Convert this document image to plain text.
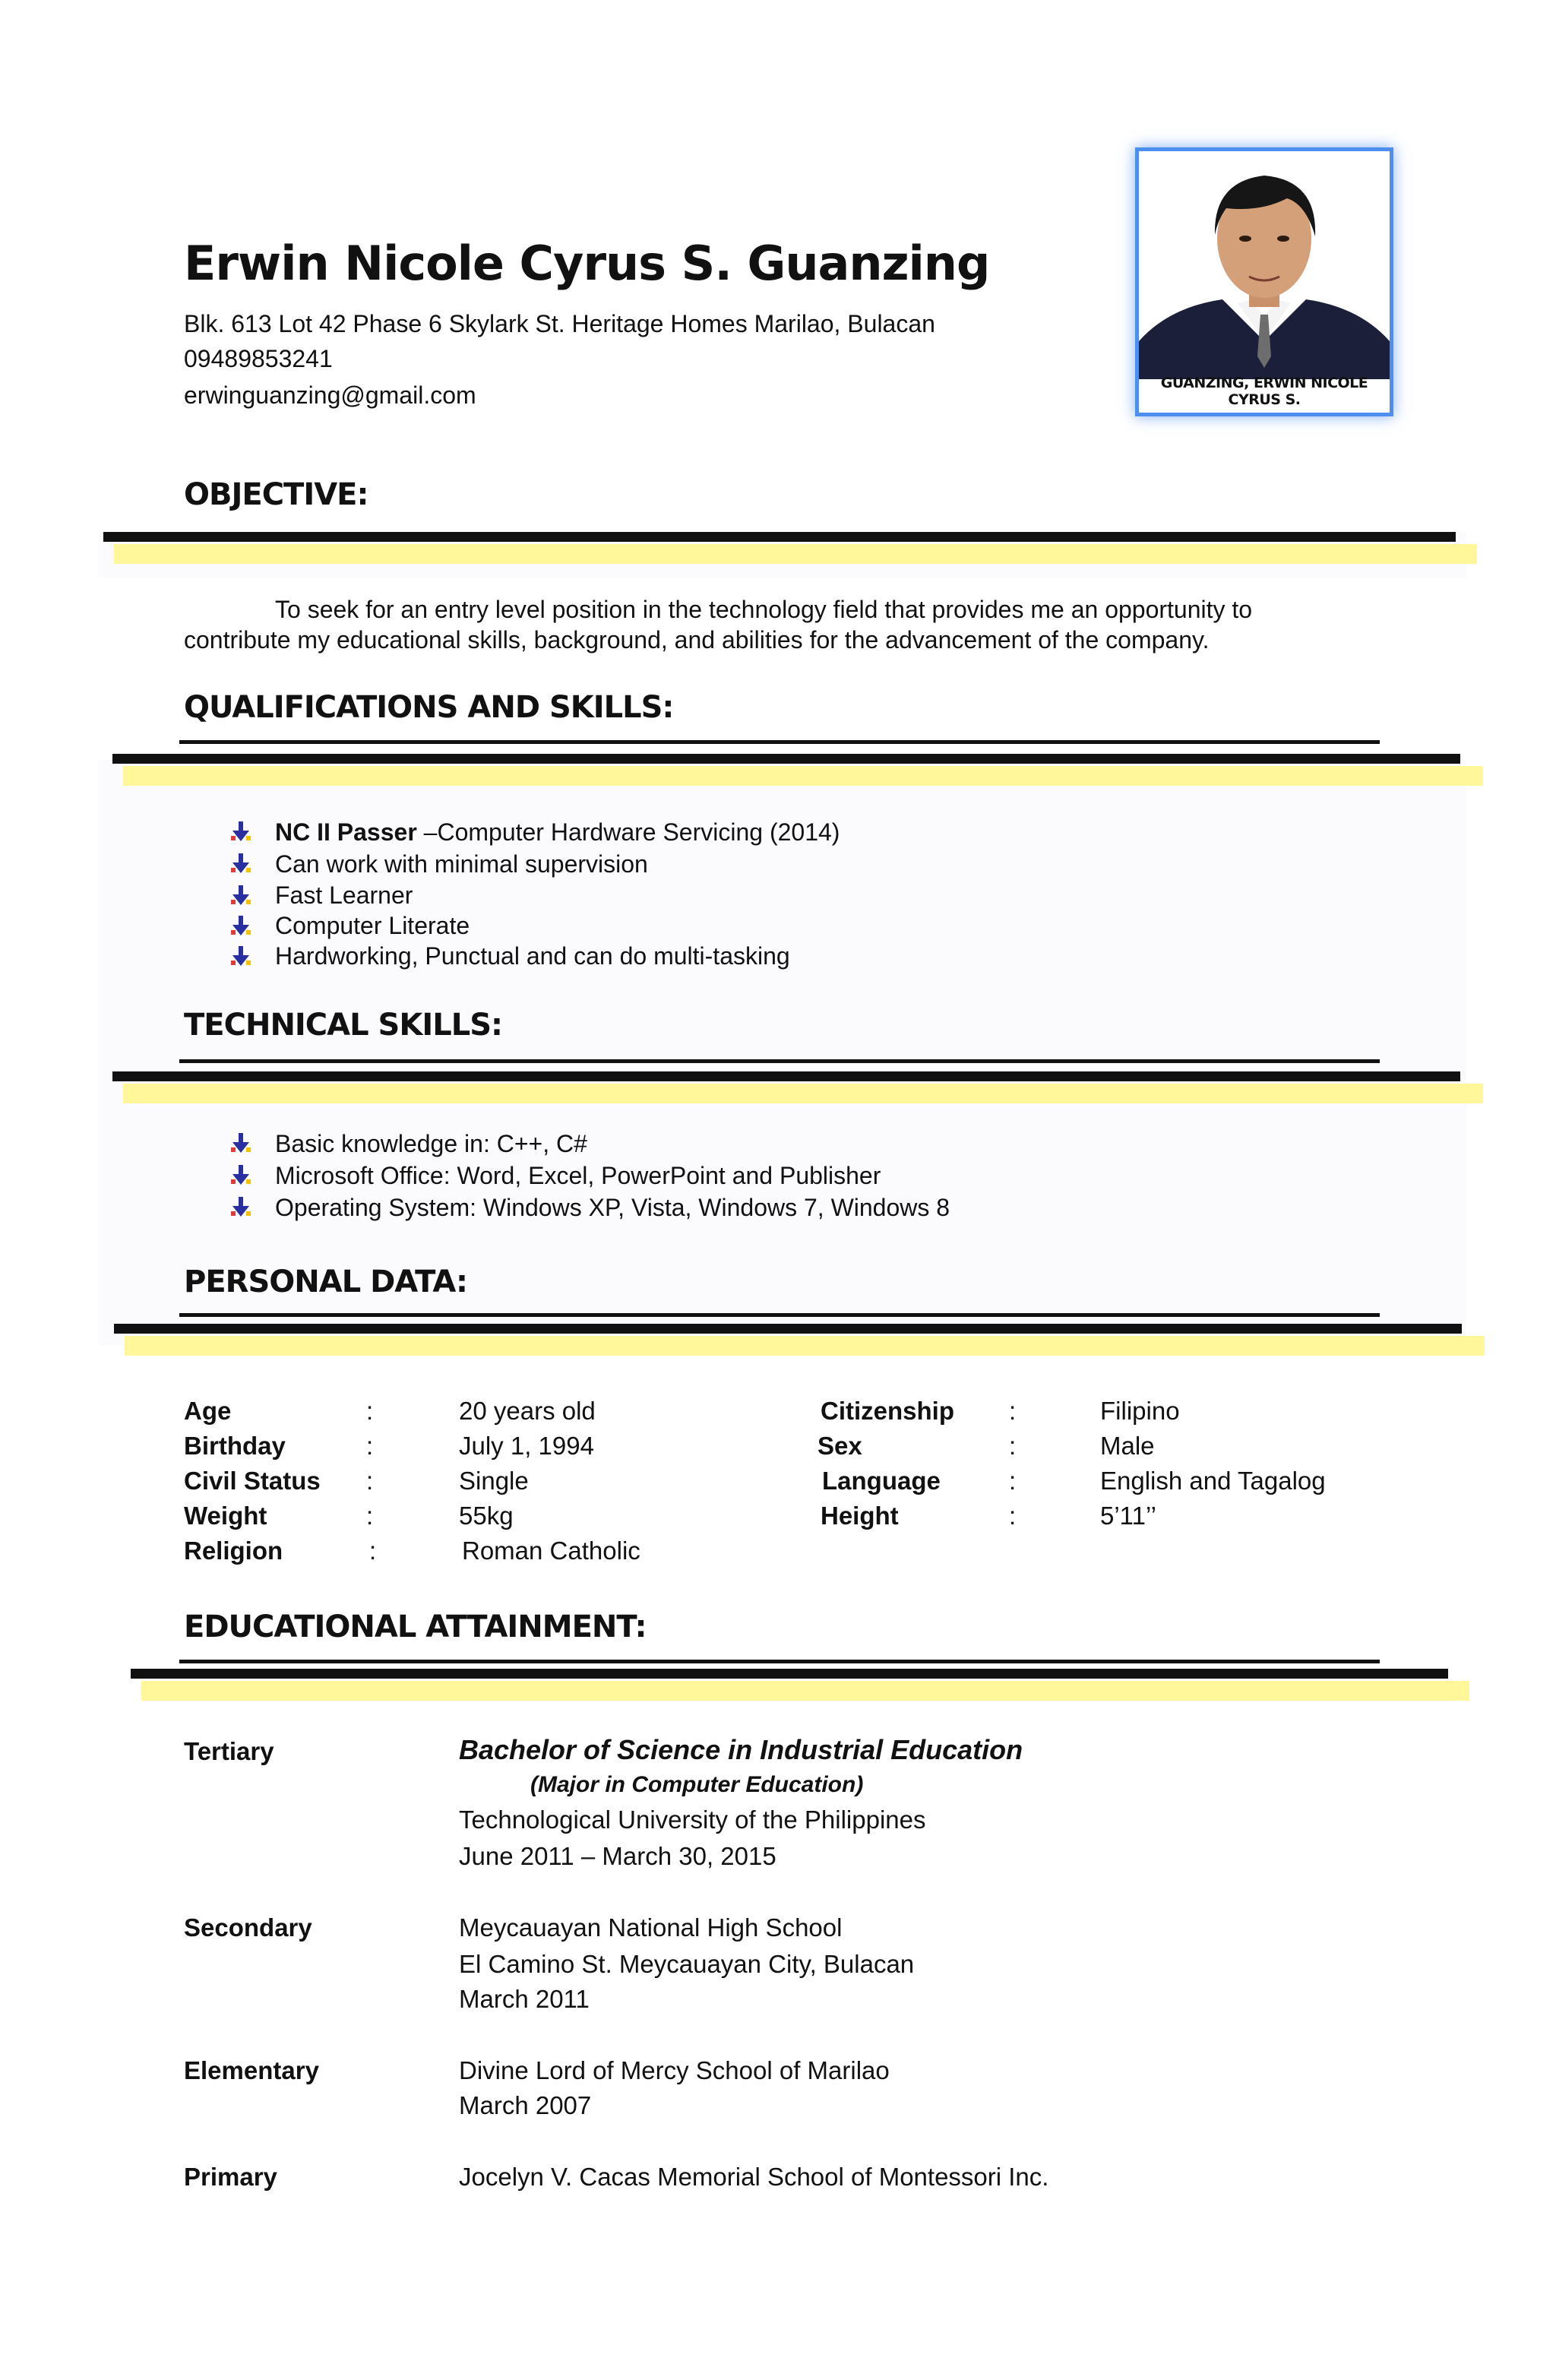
Erwin Nicole Cyrus S. Guanzing
Blk. 613 Lot 42 Phase 6 Skylark St. Heritage Homes Marilao, Bulacan
09489853241
erwinguanzing@gmail.com	GUANZING, ERWIN NICOLE CYRUS S.
OBJECTIVE:
To seek for an entry level position in the technology field that provides me an opportunity to
contribute my educational skills, background, and abilities for the advancement of the company.
QUALIFICATIONS AND SKILLS:
NC II Passer –Computer Hardware Servicing (2014)
Can work with minimal supervision
Fast Learner
Computer Literate
Hardworking, Punctual and can do multi-tasking
TECHNICAL SKILLS:
Basic knowledge in: C++, C#
Microsoft Office: Word, Excel, PowerPoint and Publisher
Operating System: Windows XP, Vista, Windows 7, Windows 8
PERSONAL DATA:
Age	:	20 years old
Birthday	:	July 1, 1994
Civil Status :	Single
Weight	:	55kg
Religion	:	Roman Catholic
Citizenship :	Filipino
Sex	:	Male
Language	:	English and Tagalog
Height	:	5’11’’
EDUCATIONAL ATTAINMENT:
Tertiary	Bachelor of Science in Industrial Education
(Major in Computer Education)
Technological University of the Philippines
June 2011 – March 30, 2015
Secondary	Meycauayan National High School
El Camino St. Meycauayan City, Bulacan
March 2011
Elementary	Divine Lord of Mercy School of Marilao
March 2007
Primary	Jocelyn V. Cacas Memorial School of Montessori Inc.
